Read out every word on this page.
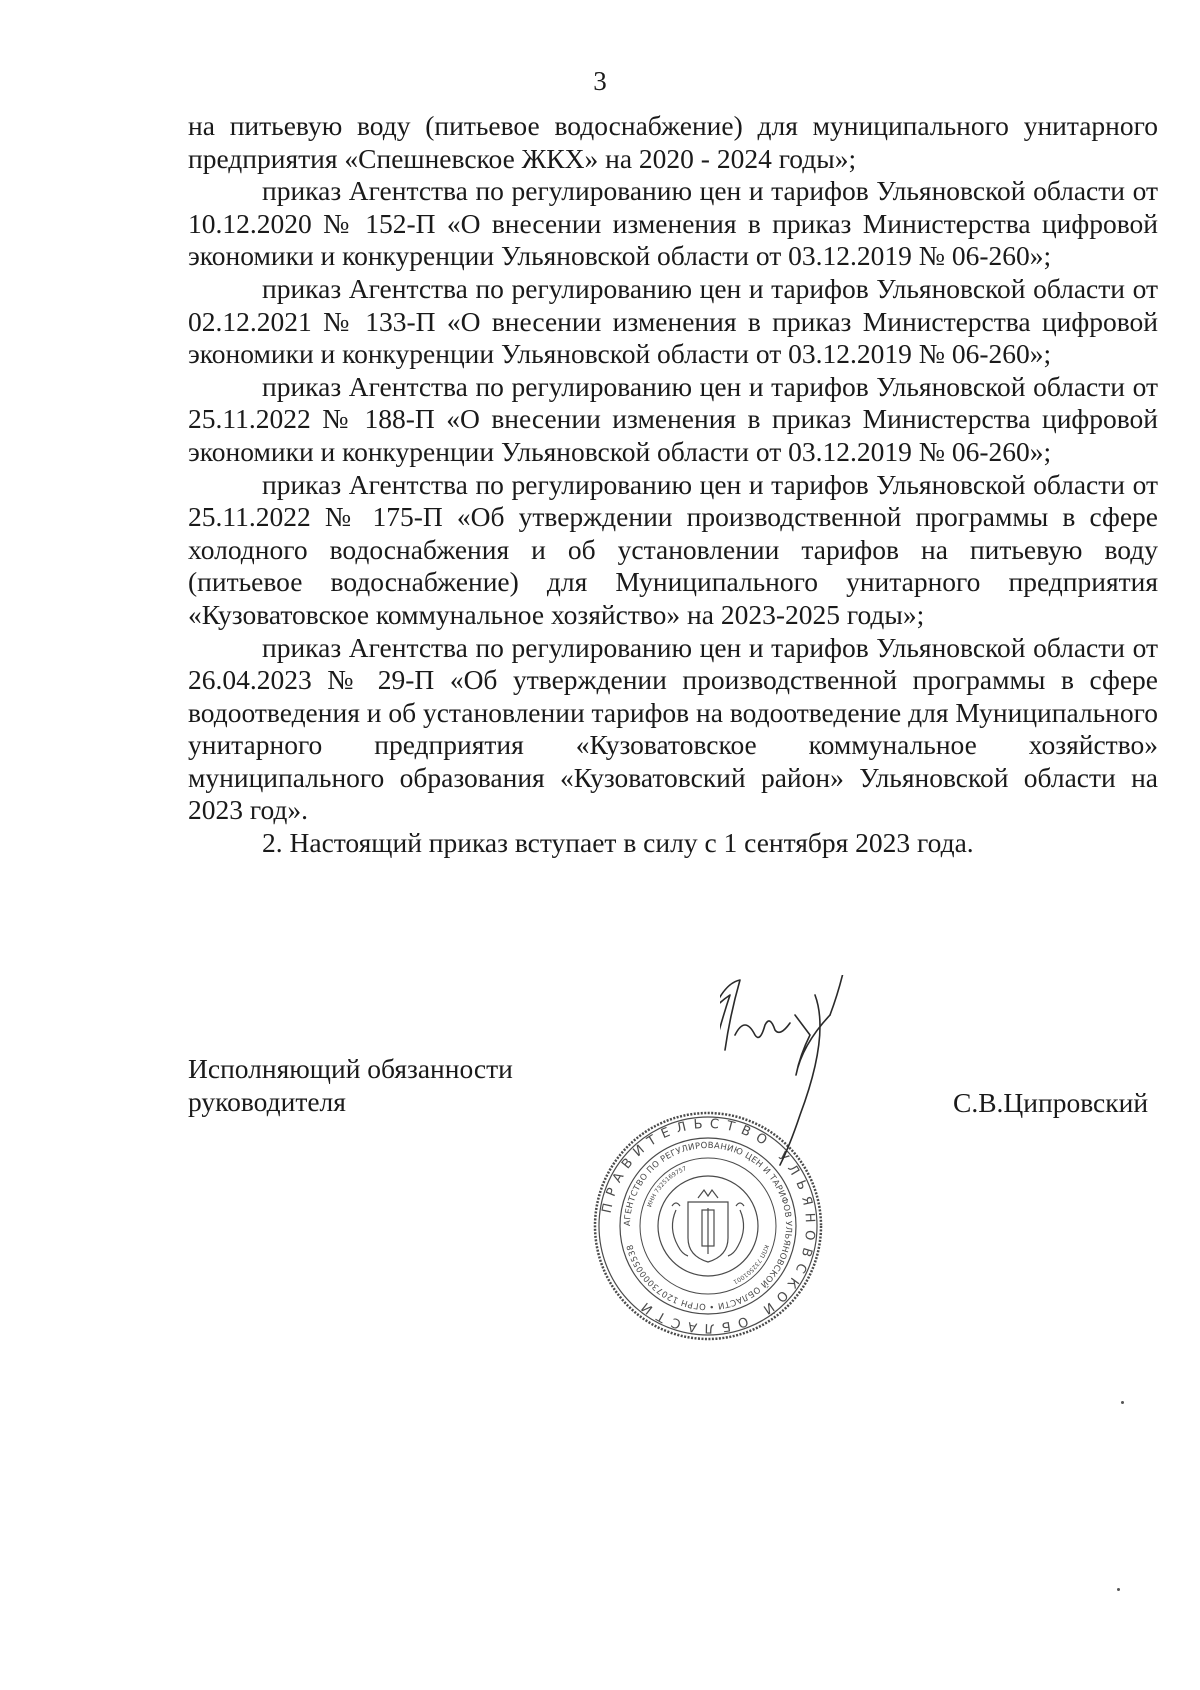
3

на питьевую воду (питьевое водоснабжение) для муниципального унитарного предприятия «Спешневское ЖКХ» на 2020 - 2024 годы»;

приказ Агентства по регулированию цен и тарифов Ульяновской области от 10.12.2020 № 152-П «О внесении изменения в приказ Министерства цифровой экономики и конкуренции Ульяновской области от 03.12.2019 № 06-260»;

приказ Агентства по регулированию цен и тарифов Ульяновской области от 02.12.2021 № 133-П «О внесении изменения в приказ Министерства цифровой экономики и конкуренции Ульяновской области от 03.12.2019 № 06-260»;

приказ Агентства по регулированию цен и тарифов Ульяновской области от 25.11.2022 № 188-П «О внесении изменения в приказ Министерства цифровой экономики и конкуренции Ульяновской области от 03.12.2019 № 06-260»;

приказ Агентства по регулированию цен и тарифов Ульяновской области от 25.11.2022 № 175-П «Об утверждении производственной программы в сфере холодного водоснабжения и об установлении тарифов на питьевую воду (питьевое водоснабжение) для Муниципального унитарного предприятия «Кузоватовское коммунальное хозяйство» на 2023-2025 годы»;

приказ Агентства по регулированию цен и тарифов Ульяновской области от 26.04.2023 № 29-П «Об утверждении производственной программы в сфере водоотведения и об установлении тарифов на водоотведение для Муниципального унитарного предприятия «Кузоватовское коммунальное хозяйство» муниципального образования «Кузоватовский район» Ульяновской области на 2023 год».

2. Настоящий приказ вступает в силу с 1 сентября 2023 года.

Исполняющий обязанности
руководителя	С.В.Ципровский
ПРАВИТЕЛЬСТВО УЛЬЯНОВСКОЙ ОБЛАСТИ
АГЕНТСТВО ПО РЕГУЛИРОВАНИЮ ЦЕН И ТАРИФОВ УЛЬЯНОВСКОЙ ОБЛАСТИ • ОГРН 1207300005538
ИНН 7325169757
КПП 732501001
